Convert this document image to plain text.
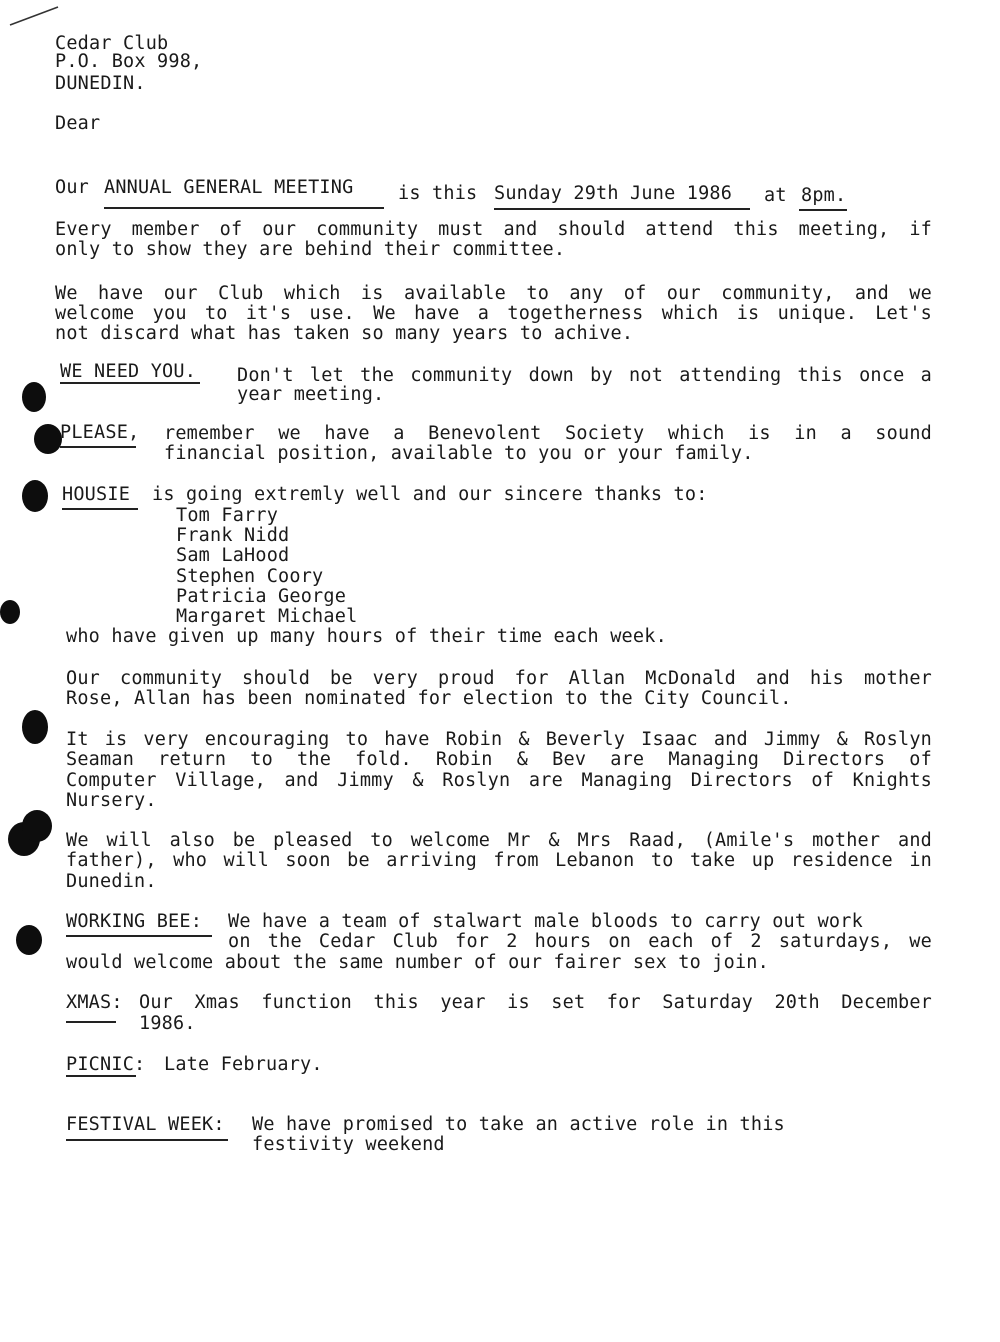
Cedar Club
P.O. Box 998,
DUNEDIN.
Dear
Our ANNUAL GENERAL MEETING is this Sunday 29th June 1986 at 8pm.
Every member of our community must and should attend this meeting, if
only to show they are behind their committee.
We have our Club which is available to any of our community, and we
welcome you to it's use. We have a togetherness which is unique. Let's
not discard what has taken so many years to achive.
WE NEED YOU. Don't let the community down by not attending this once a
year meeting.
PLEASE, remember we have a Benevolent Society which is in a sound
financial position, available to you or your family.
HOUSIE is going extremly well and our sincere thanks to:
Tom Farry
Frank Nidd
Sam LaHood
Stephen Coory
Patricia George
Margaret Michael
who have given up many hours of their time each week.
Our community should be very proud for Allan McDonald and his mother
Rose, Allan has been nominated for election to the City Council.
It is very encouraging to have Robin & Beverly Isaac and Jimmy & Roslyn
Seaman return to the fold. Robin & Bev are Managing Directors of
Computer Village, and Jimmy & Roslyn are Managing Directors of Knights
Nursery.
We will also be pleased to welcome Mr & Mrs Raad, (Amile's mother and
father), who will soon be arriving from Lebanon to take up residence in
Dunedin.
WORKING BEE: We have a team of stalwart male bloods to carry out work
on the Cedar Club for 2 hours on each of 2 saturdays, we
would welcome about the same number of our fairer sex to join.
XMAS: Our Xmas function this year is set for Saturday 20th December
1986.
PICNIC: Late February.
FESTIVAL WEEK: We have promised to take an active role in this
festivity weekend
